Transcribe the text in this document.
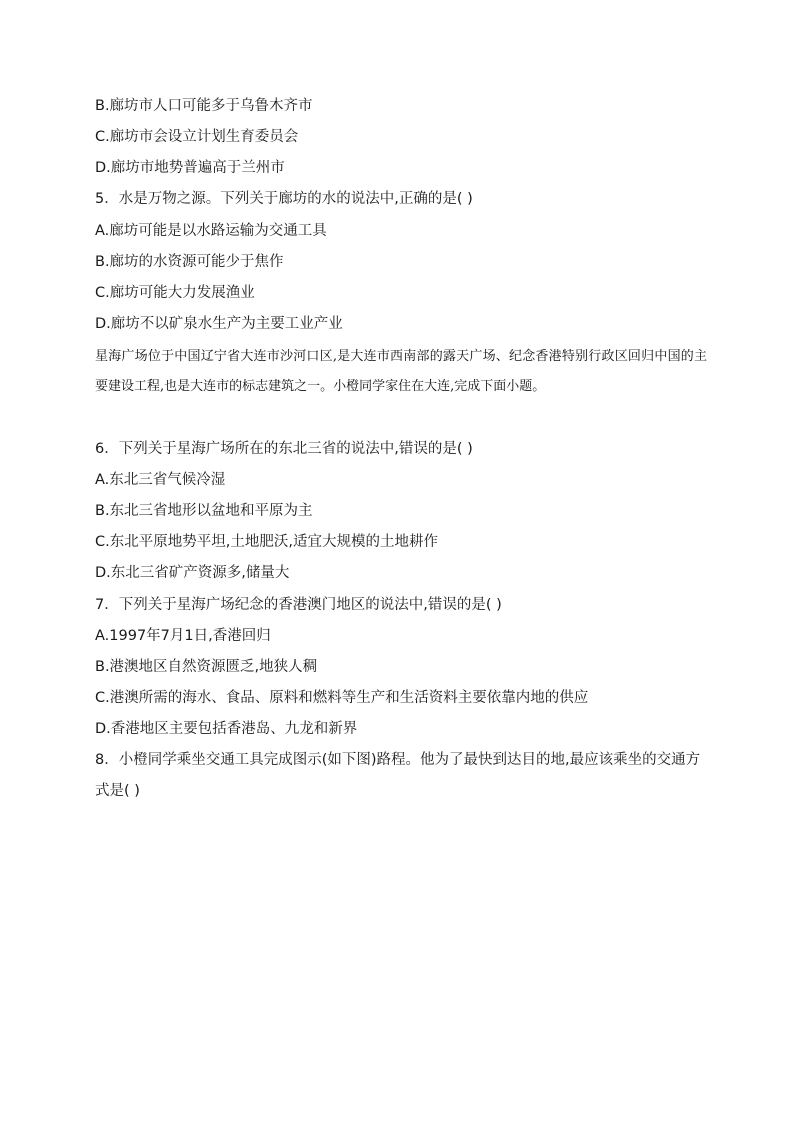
B.廊坊市人口可能多于乌鲁木齐市
C.廊坊市会设立计划生育委员会
D.廊坊市地势普遍高于兰州市
5．水是万物之源。下列关于廊坊的水的说法中,正确的是( )
A.廊坊可能是以水路运输为交通工具
B.廊坊的水资源可能少于焦作
C.廊坊可能大力发展渔业
D.廊坊不以矿泉水生产为主要工业产业
星海广场位于中国辽宁省大连市沙河口区,是大连市西南部的露天广场、纪念香港特别行政区回归中国的主要建设工程,也是大连市的标志建筑之一。小橙同学家住在大连,完成下面小题。
6．下列关于星海广场所在的东北三省的说法中,错误的是( )
A.东北三省气候冷湿
B.东北三省地形以盆地和平原为主
C.东北平原地势平坦,土地肥沃,适宜大规模的土地耕作
D.东北三省矿产资源多,储量大
7．下列关于星海广场纪念的香港澳门地区的说法中,错误的是( )
A.1997年7月1日,香港回归
B.港澳地区自然资源匮乏,地狭人稠
C.港澳所需的海水、食品、原料和燃料等生产和生活资料主要依靠内地的供应
D.香港地区主要包括香港岛、九龙和新界
8．小橙同学乘坐交通工具完成图示(如下图)路程。他为了最快到达目的地,最应该乘坐的交通方式是( )
